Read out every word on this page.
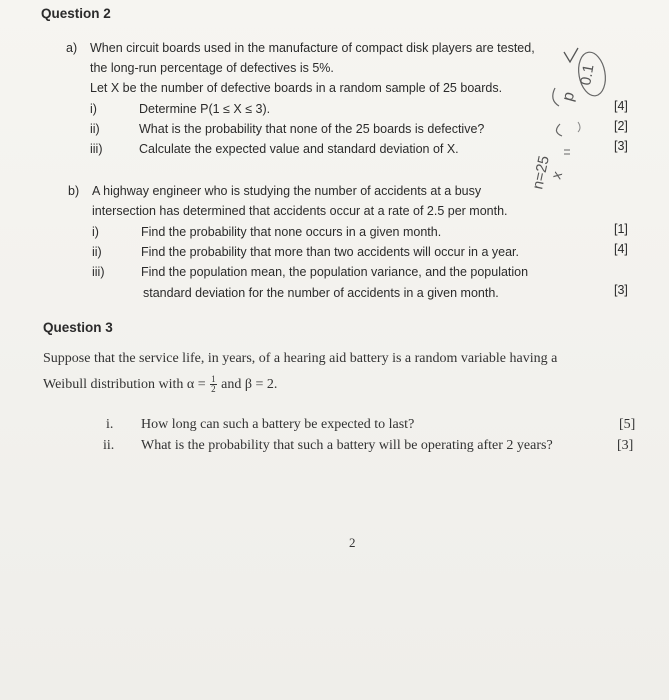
Question 2
a) When circuit boards used in the manufacture of compact disk players are tested,
the long-run percentage of defectives is 5%.
Let X be the number of defective boards in a random sample of 25 boards.
i)	Determine P(1 ≤ X ≤ 3).	[4]
ii)	What is the probability that none of the 25 boards is defective?	[2]
iii)	Calculate the expected value and standard deviation of X.	[3]
p
0.1
n=25
x
b) A highway engineer who is studying the number of accidents at a busy
intersection has determined that accidents occur at a rate of 2.5 per month.
i)	Find the probability that none occurs in a given month.	[1]
ii)	Find the probability that more than two accidents will occur in a year.	[4]
iii)	Find the population mean, the population variance, and the population
standard deviation for the number of accidents in a given month.	[3]
Question 3
Suppose that the service life, in years, of a hearing aid battery is a random variable having a
Weibull distribution with $\alpha = \frac{1}{2}$ and β = 2.
i. How long can such a battery be expected to last?	[5]
ii. What is the probability that such a battery will be operating after 2 years?	[3]
2
